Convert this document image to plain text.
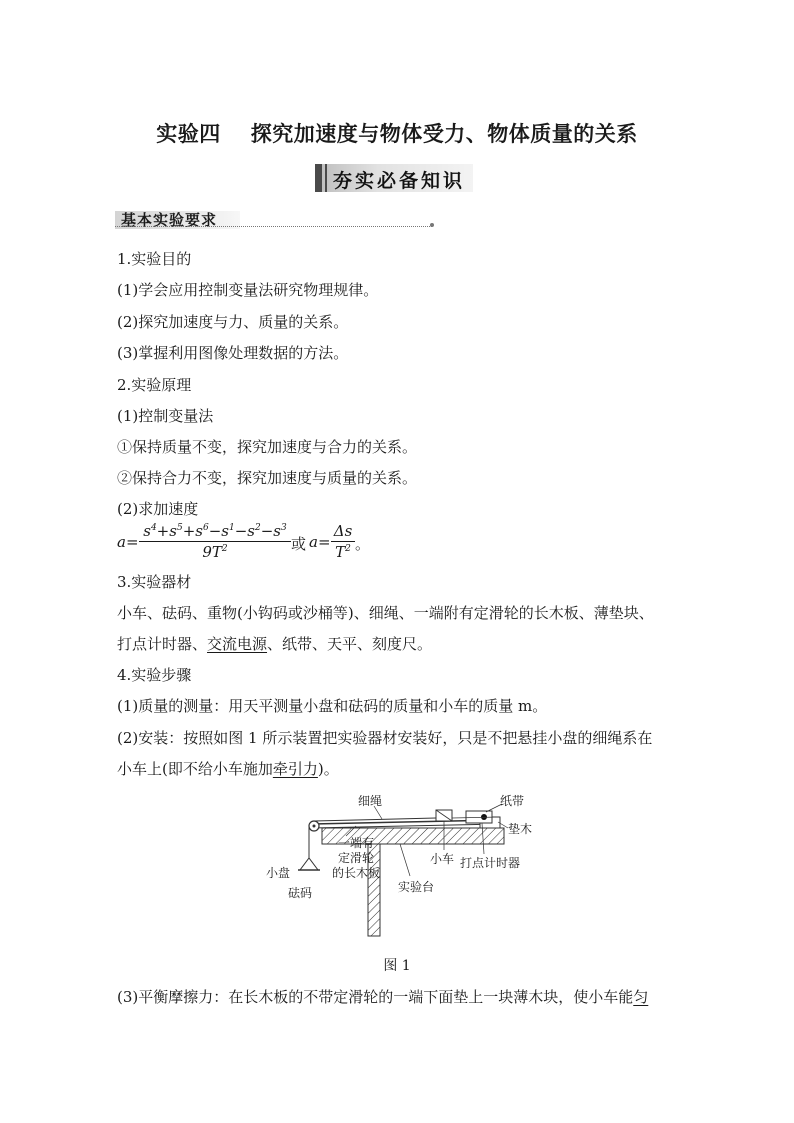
实验四 探究加速度与物体受力、物体质量的关系
夯实必备知识
基本实验要求
1.实验目的
(1)学会应用控制变量法研究物理规律。
(2)探究加速度与力、质量的关系。
(3)掌握利用图像处理数据的方法。
2.实验原理
(1)控制变量法
①保持质量不变，探究加速度与合力的关系。
②保持合力不变，探究加速度与质量的关系。
(2)求加速度
$a= \frac{s^4+s^5+s^6-s^1-s^2-s^3}{9T^2}$ 或 $a= \frac{\Delta s}{T^2}$ 。
3.实验器材
小车、砝码、重物(小钩码或沙桶等)、细绳、一端附有定滑轮的长木板、薄垫块、
打点计时器、交流电源、纸带、天平、刻度尺。
4.实验步骤
(1)质量的测量：用天平测量小盘和砝码的质量和小车的质量 m。
(2)安装：按照如图 1 所示装置把实验器材安装好，只是不把悬挂小盘的细绳系在
小车上(即不给小车施加牵引力)。
细绳	纸带
垫木
小盘
砝码
一端有
定滑轮
的长木板
小车 打点计时器
实验台
图 1
(3)平衡摩擦力：在长木板的不带定滑轮的一端下面垫上一块薄木块，使小车能匀
